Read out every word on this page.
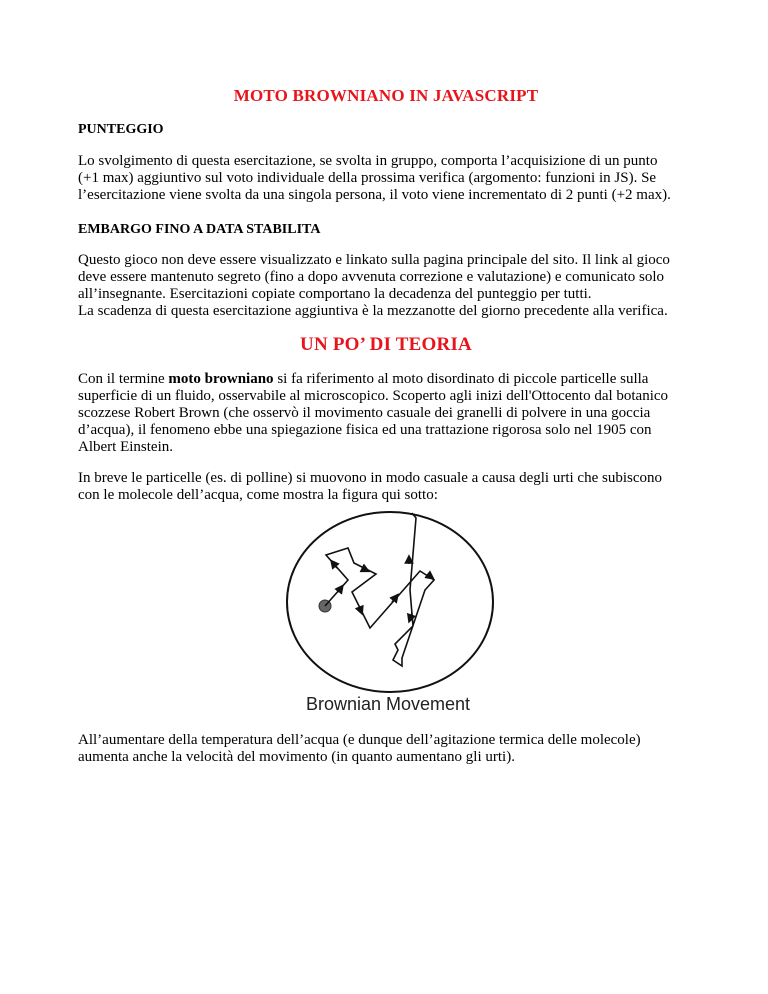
MOTO BROWNIANO IN JAVASCRIPT
PUNTEGGIO

Lo svolgimento di questa esercitazione, se svolta in gruppo, comporta l’acquisizione di un punto
(+1 max) aggiuntivo sul voto individuale della prossima verifica (argomento: funzioni in JS). Se
l’esercitazione viene svolta da una singola persona, il voto viene incrementato di 2 punti (+2 max).

EMBARGO FINO A DATA STABILITA

Questo gioco non deve essere visualizzato e linkato sulla pagina principale del sito. Il link al gioco
deve essere mantenuto segreto (fino a dopo avvenuta correzione e valutazione) e comunicato solo
all’insegnante. Esercitazioni copiate comportano la decadenza del punteggio per tutti.
La scadenza di questa esercitazione aggiuntiva è la mezzanotte del giorno precedente alla verifica.

UN PO’ DI TEORIA

Con il termine moto browniano si fa riferimento al moto disordinato di piccole particelle sulla
superficie di un fluido, osservabile al microscopico. Scoperto agli inizi dell'Ottocento dal botanico
scozzese Robert Brown (che osservò il movimento casuale dei granelli di polvere in una goccia
d’acqua), il fenomeno ebbe una spiegazione fisica ed una trattazione rigorosa solo nel 1905 con
Albert Einstein.

In breve le particelle (es. di polline) si muovono in modo casuale a causa degli urti che subiscono
con le molecole dell’acqua, come mostra la figura qui sotto:

Brownian Movement

All’aumentare della temperatura dell’acqua (e dunque dell’agitazione termica delle molecole)
aumenta anche la velocità del movimento (in quanto aumentano gli urti).
